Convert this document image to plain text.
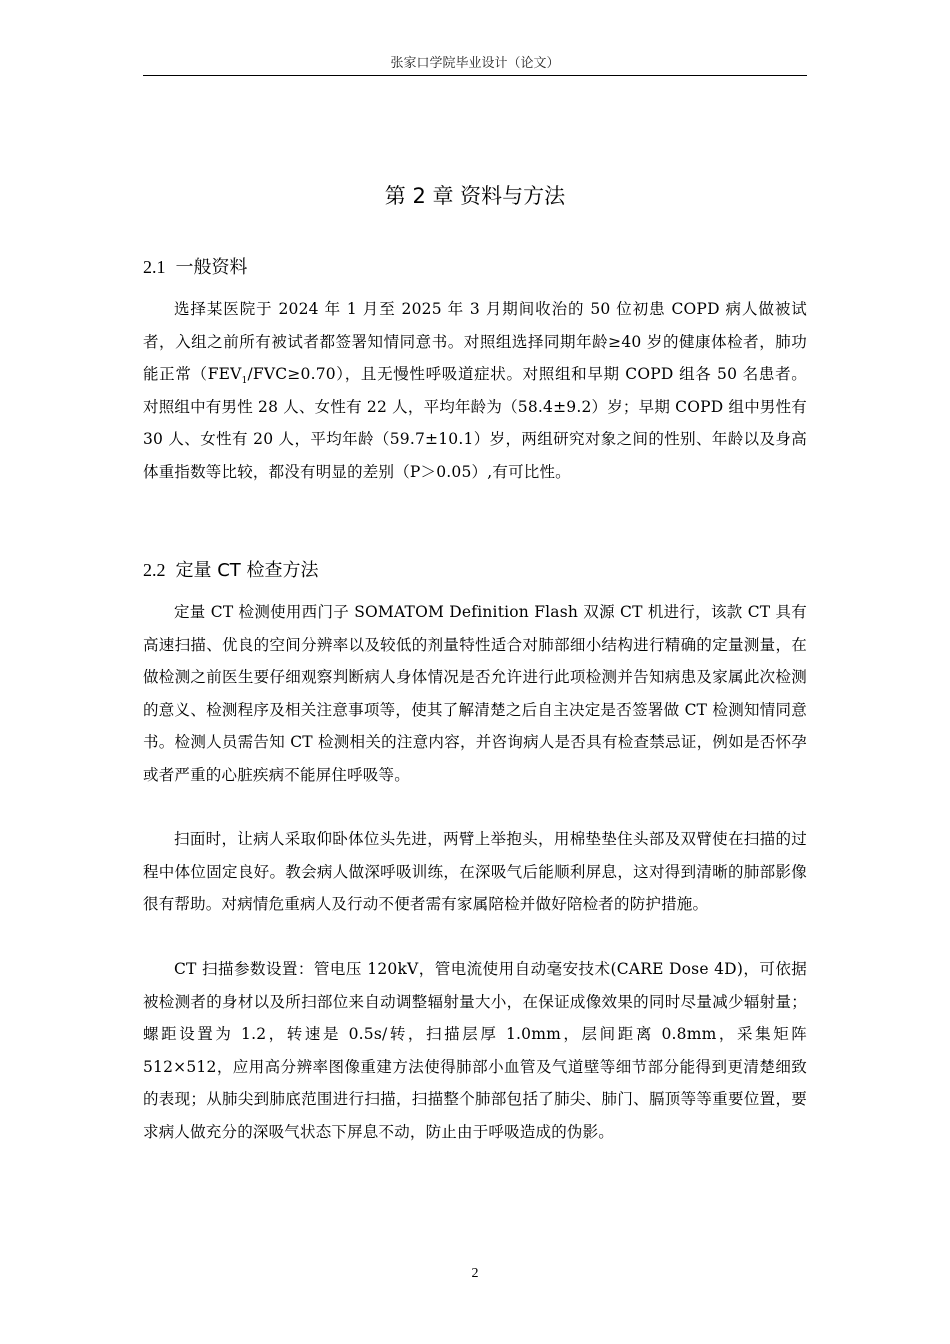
张家口学院毕业设计（论文）
第 2 章 资料与方法
2.1 一般资料

选择某医院于 2024 年 1 月至 2025 年 3 月期间收治的 50 位初患 COPD 病人做被试者，入组之前所有被试者都签署知情同意书。对照组选择同期年龄≥40 岁的健康体检者，肺功能正常$(FEV_1/FVC\ge 0.70)$，且无慢性呼吸道症状。对照组和早期 COPD 组各 50 名患者。对照组中有男性 28 人、女性有 22 人，平均年龄为（58.4±9.2）岁；早期 COPD 组中男性有 30 人、女性有 20 人，平均年龄（59.7±10.1）岁，两组研究对象之间的性别、年龄以及身高体重指数等比较，都没有明显的差别（P＞0.05）,有可比性。

2.2 定量 CT 检查方法

定量 CT 检测使用西门子 SOMATOM Definition Flash 双源 CT 机进行，该款 CT 具有高速扫描、优良的空间分辨率以及较低的剂量特性适合对肺部细小结构进行精确的定量测量，在做检测之前医生要仔细观察判断病人身体情况是否允许进行此项检测并告知病患及家属此次检测的意义、检测程序及相关注意事项等，使其了解清楚之后自主决定是否签署做 CT 检测知情同意书。检测人员需告知 CT 检测相关的注意内容，并咨询病人是否具有检查禁忌证，例如是否怀孕或者严重的心脏疾病不能屏住呼吸等。

扫面时，让病人采取仰卧体位头先进，两臂上举抱头，用棉垫垫住头部及双臂使在扫描的过程中体位固定良好。教会病人做深呼吸训练，在深吸气后能顺利屏息，这对得到清晰的肺部影像很有帮助。对病情危重病人及行动不便者需有家属陪检并做好陪检者的防护措施。

CT 扫描参数设置：管电压 120kV，管电流使用自动毫安技术(CARE Dose 4D)，可依据被检测者的身材以及所扫部位来自动调整辐射量大小，在保证成像效果的同时尽量减少辐射量；螺距设置为 1.2，转速是 0.5s/转，扫描层厚 1.0mm，层间距离 0.8mm，采集矩阵 512×512，应用高分辨率图像重建方法使得肺部小血管及气道壁等细节部分能得到更清楚细致的表现；从肺尖到肺底范围进行扫描，扫描整个肺部包括了肺尖、肺门、膈顶等等重要位置，要求病人做充分的深吸气状态下屏息不动，防止由于呼吸造成的伪影。

2
